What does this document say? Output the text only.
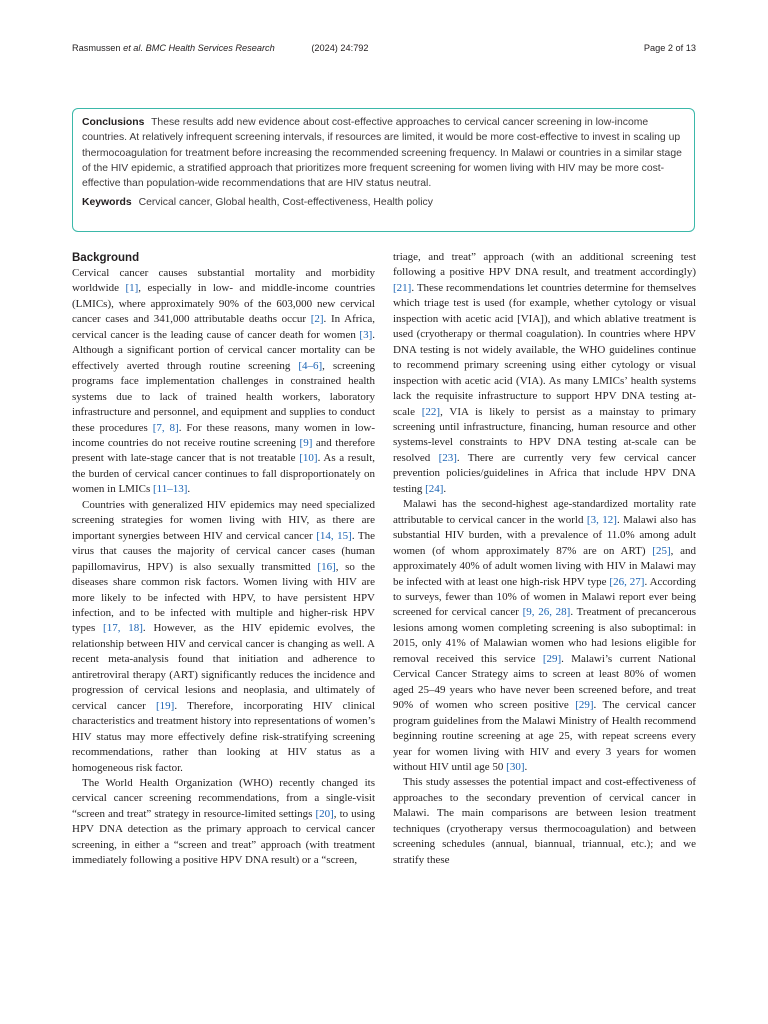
Rasmussen et al. BMC Health Services Research	(2024) 24:792	Page 2 of 13

Conclusions These results add new evidence about cost-effective approaches to cervical cancer screening in low-income countries. At relatively infrequent screening intervals, if resources are limited, it would be more cost-effective to invest in scaling up thermocoagulation for treatment before increasing the recommended screening frequency. In Malawi or countries in a similar stage of the HIV epidemic, a stratified approach that prioritizes more frequent screening for women living with HIV may be more cost-effective than population-wide recommendations that are HIV status neutral.

Keywords Cervical cancer, Global health, Cost-effectiveness, Health policy

Background

Cervical cancer causes substantial mortality and morbidity worldwide [1], especially in low- and middle-income countries (LMICs), where approximately 90% of the 603,000 new cervical cancer cases and 341,000 attributable deaths occur [2]. In Africa, cervical cancer is the leading cause of cancer death for women [3]. Although a significant portion of cervical cancer mortality can be effectively averted through routine screening [4–6], screening programs face implementation challenges in constrained health systems due to lack of trained health workers, laboratory infrastructure and personnel, and equipment and supplies to conduct these procedures [7, 8]. For these reasons, many women in low-income countries do not receive routine screening [9] and therefore present with late-stage cancer that is not treatable [10]. As a result, the burden of cervical cancer continues to fall disproportionately on women in LMICs [11–13].

Countries with generalized HIV epidemics may need specialized screening strategies for women living with HIV, as there are important synergies between HIV and cervical cancer [14, 15]. The virus that causes the majority of cervical cancer cases (human papillomavirus, HPV) is also sexually transmitted [16], so the diseases share common risk factors. Women living with HIV are more likely to be infected with HPV, to have persistent HPV infection, and to be infected with multiple and higher-risk HPV types [17, 18]. However, as the HIV epidemic evolves, the relationship between HIV and cervical cancer is changing as well. A recent meta-analysis found that initiation and adherence to antiretroviral therapy (ART) significantly reduces the incidence and progression of cervical lesions and neoplasia, and ultimately of cervical cancer [19]. Therefore, incorporating HIV clinical characteristics and treatment history into representations of women’s HIV status may more effectively define risk-stratifying screening recommendations, rather than looking at HIV status as a homogeneous risk factor.

The World Health Organization (WHO) recently changed its cervical cancer screening recommendations, from a single-visit “screen and treat” strategy in resource-limited settings [20], to using HPV DNA detection as the primary approach to cervical cancer screening, in either a “screen and treat” approach (with treatment immediately following a positive HPV DNA result) or a “screen,

triage, and treat” approach (with an additional screening test following a positive HPV DNA result, and treatment accordingly) [21]. These recommendations let countries determine for themselves which triage test is used (for example, whether cytology or visual inspection with acetic acid [VIA]), and which ablative treatment is used (cryotherapy or thermal coagulation). In countries where HPV DNA testing is not widely available, the WHO guidelines continue to recommend primary screening using either cytology or visual inspection with acetic acid (VIA). As many LMICs’ health systems lack the requisite infrastructure to support HPV DNA testing at-scale [22], VIA is likely to persist as a mainstay to primary screening until infrastructure, financing, human resource and other systems-level constraints to HPV DNA testing at-scale can be resolved [23]. There are currently very few cervical cancer prevention policies/guidelines in Africa that include HPV DNA testing [24].

Malawi has the second-highest age-standardized mortality rate attributable to cervical cancer in the world [3, 12]. Malawi also has substantial HIV burden, with a prevalence of 11.0% among adult women (of whom approximately 87% are on ART) [25], and approximately 40% of adult women living with HIV in Malawi may be infected with at least one high-risk HPV type [26, 27]. According to surveys, fewer than 10% of women in Malawi report ever being screened for cervical cancer [9, 26, 28]. Treatment of precancerous lesions among women completing screening is also suboptimal: in 2015, only 41% of Malawian women who had lesions eligible for removal received this service [29]. Malawi’s current National Cervical Cancer Strategy aims to screen at least 80% of women aged 25–49 years who have never been screened before, and treat 90% of women who screen positive [29]. The cervical cancer program guidelines from the Malawi Ministry of Health recommend beginning routine screening at age 25, with repeat screens every year for women living with HIV and every 3 years for women without HIV until age 50 [30].

This study assesses the potential impact and cost-effectiveness of approaches to the secondary prevention of cervical cancer in Malawi. The main comparisons are between lesion treatment techniques (cryotherapy versus thermocoagulation) and between screening schedules (annual, biannual, triannual, etc.); and we stratify these
